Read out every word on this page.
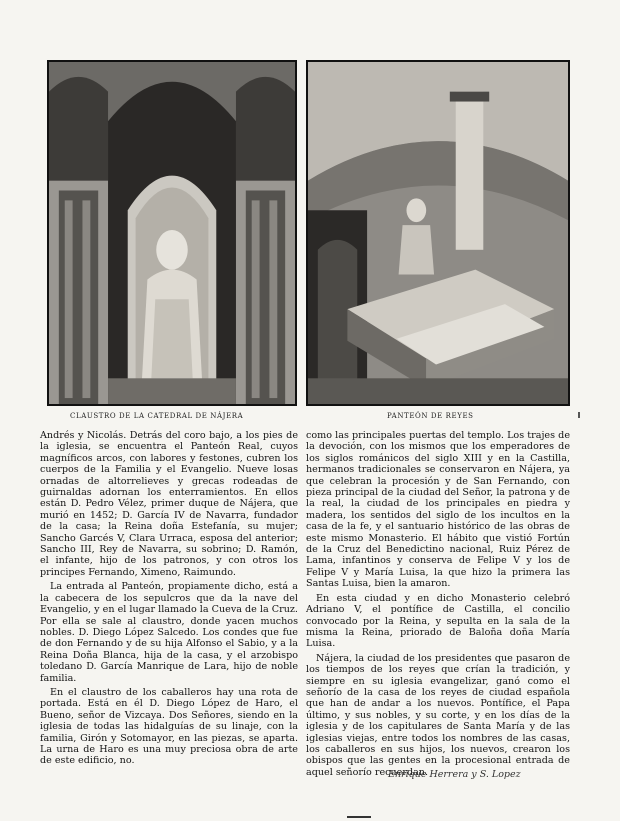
CLAUSTRO DE LA CATEDRAL DE NÁJERA	PANTEÓN DE REYES

Andrés y Nicolás. Detrás del coro bajo, a los pies de la iglesia, se encuentra el Panteón Real, cuyos magníficos arcos, con labores y festones, cubren los cuerpos de la Familia y el Evangelio. Nueve losas ornadas de altorrelieves y grecas rodeadas de guirnaldas adornan los enterramientos. En ellos están D. Pedro Vélez, primer duque de Nájera, que murió en 1452; D. García IV de Navarra, fundador de la casa; la Reina doña Estefanía, su mujer; Sancho Garcés V, Clara Urraca, esposa del anterior; Sancho III, Rey de Navarra, su sobrino; D. Ramón, el infante, hijo de los patronos, y con otros los principes Fernando, Ximeno, Raimundo.

La entrada al Panteón, propiamente dicho, está a la cabecera de los sepulcros que da la nave del Evangelio, y en el lugar llamado la Cueva de la Cruz. Por ella se sale al claustro, donde yacen muchos nobles. D. Diego López Salcedo. Los condes que fue de don Fernando y de su hija Alfonso el Sabio, y a la Reina Doña Blanca, hija de la casa, y el arzobispo toledano D. García Manrique de Lara, hijo de noble familia.

En el claustro de los caballeros hay una rota de portada. Está en él D. Diego López de Haro, el Bueno, señor de Vizcaya. Dos Señores, siendo en la iglesia de todas las hidalguías de su linaje, con la familia, Girón y Sotomayor, en las piezas, se aparta. La urna de Haro es una muy preciosa obra de arte de este edificio, no.

como las principales puertas del templo. Los trajes de la devoción, con los mismos que los emperadores de los siglos románicos del siglo XIII y en la Castilla, hermanos tradicionales se conservaron en Nájera, ya que celebran la procesión y de San Fernando, con pieza principal de la ciudad del Señor, la patrona y de la real, la ciudad de los principales en piedra y madera, los sentidos del siglo de los incultos en la casa de la fe, y el santuario histórico de las obras de este mismo Monasterio. El hábito que vistió Fortún de la Cruz del Benedictino nacional, Ruiz Pérez de Lama, infantinos y conserva de Felipe V y los de Felipe V y María Luisa, la que hizo la primera las Santas Luisa, bien la amaron.

En esta ciudad y en dicho Monasterio celebró Adriano V, el pontífice de Castilla, el concilio convocado por la Reina, y sepulta en la sala de la misma la Reina, priorado de Baloña doña María Luisa.

Nájera, la ciudad de los presidentes que pasaron de los tiempos de los reyes que crían la tradición, y siempre en su iglesia evangelizar, ganó como el señorío de la casa de los reyes de ciudad española que han de andar a los nuevos. Pontífice, el Papa último, y sus nobles, y su corte, y en los días de la iglesia y de los capitulares de Santa María y de las iglesias viejas, entre todos los nombres de las casas, los caballeros en sus hijos, los nuevos, crearon los obispos que las gentes en la procesional entrada de aquel señorío recuerdan.

Enrique Herrera y S. Lopez
